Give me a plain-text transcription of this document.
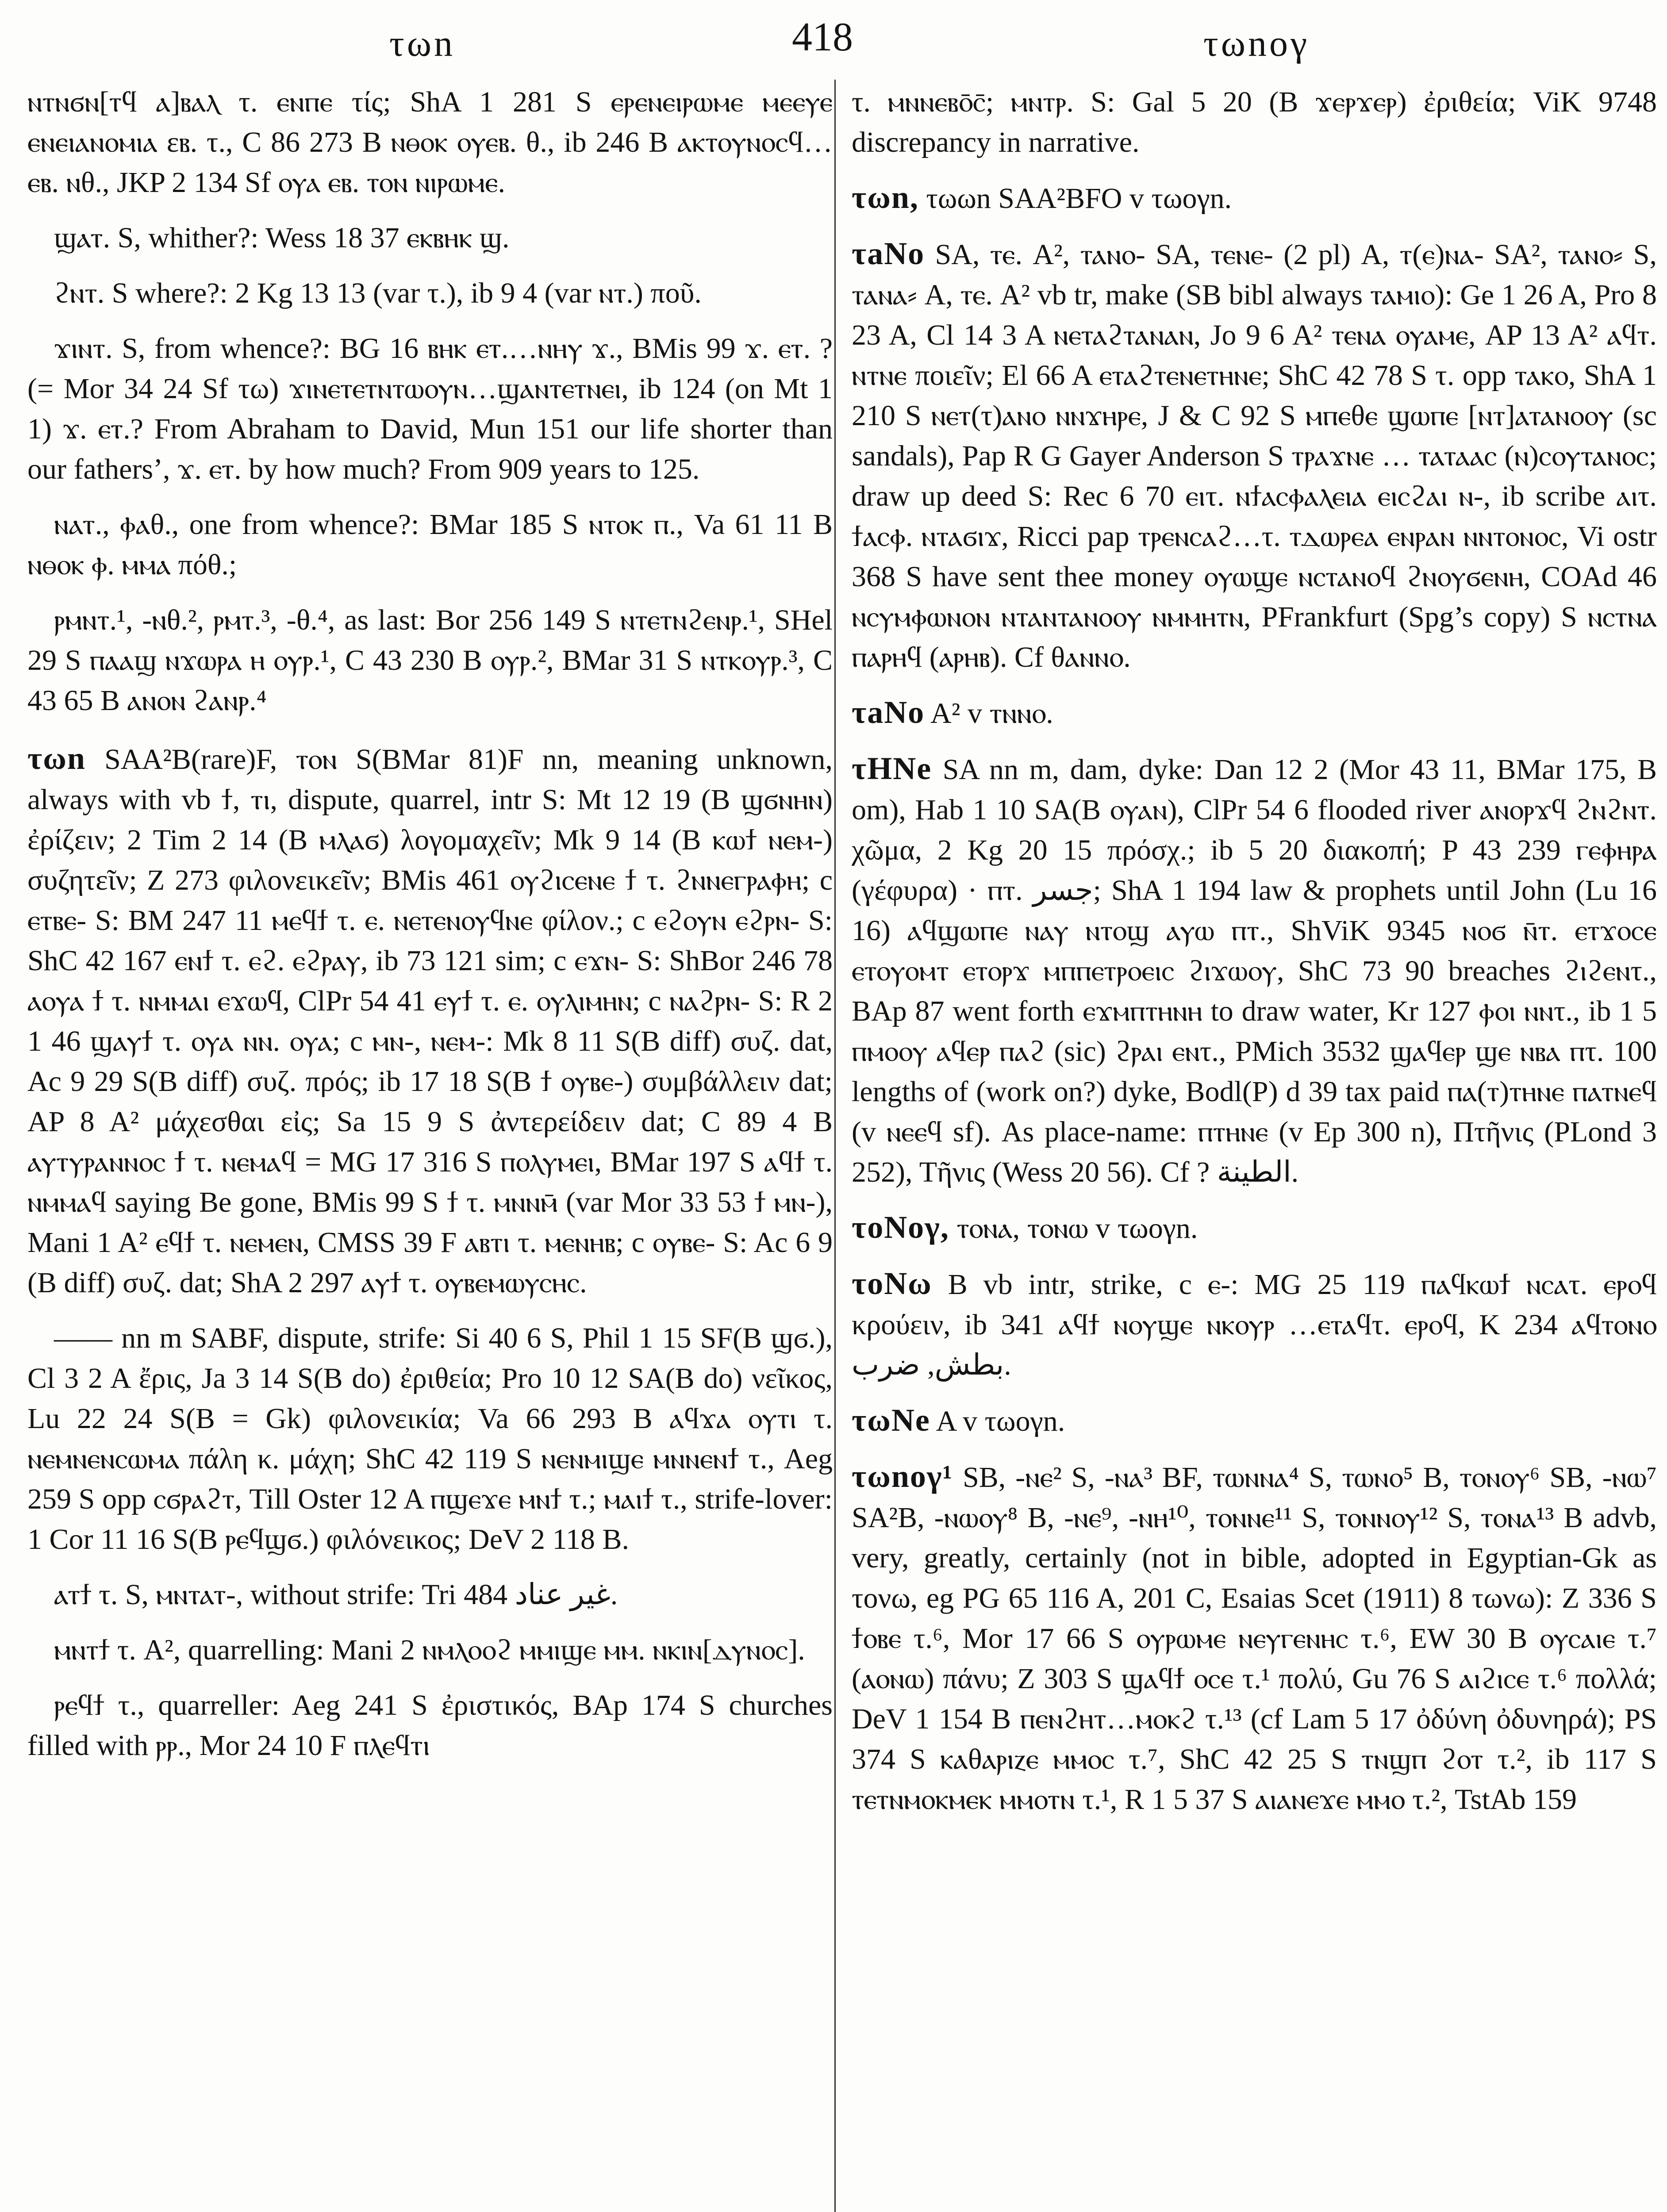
τωn	418	τωnογ

ⲛⲧⲛϭⲛ[ⲧϥ ⲁ]ⲃⲁⲗ τ. ⲉⲛⲡⲉ τίς; ShA 1 281 S ⲉⲣⲉⲛⲉⲓⲣⲱⲙⲉ ⲙⲉⲉⲩⲉ ⲉⲛⲉⲓⲁⲛⲟⲙⲓⲁ εⲃ. τ., C 86 273 B ⲛⲑⲟⲕ ⲟⲩⲉⲃ. θ., ib 246 B ⲁⲕⲧⲟⲩⲛⲟⲥϥ…ⲉⲃ. ⲛθ., JKP 2 134 Sf ⲟⲩⲁ ⲉⲃ. ⲧⲟⲛ ⲛⲓⲣⲱⲙⲉ.

ϣⲁⲧ. S, whither?: Wess 18 37 ⲉⲕⲃⲏⲕ ϣ.

ϩⲛⲧ. S where?: 2 Kg 13 13 (var τ.), ib 9 4 (var ⲛⲧ.) ποῦ.

ϫⲓⲛⲧ. S, from whence?: BG 16 ⲃⲏⲕ ⲉⲧ.…ⲛⲏⲩ ϫ., BMis 99 ϫ. ⲉⲧ. ?(= Mor 34 24 Sf τω) ϫⲓⲛⲉⲧⲉⲧⲛⲧⲱⲟⲩⲛ…ϣⲁⲛⲧⲉⲧⲛⲉⲓ, ib 124 (on Mt 1 1) ϫ. ⲉⲧ.? From Abraham to David, Mun 151 our life shorter than our fathers’, ϫ. ⲉⲧ. by how much? From 909 years to 125.

ⲛⲁⲧ., ⲫⲁθ., one from whence?: BMar 185 S ⲛⲧⲟⲕ ⲡ., Va 61 11 B ⲛⲑⲟⲕ ⲫ. ⲙⲙⲁ πόθ.;

ⲣⲙⲛⲧ.¹, -ⲛθ.², ⲣⲙⲧ.³, -θ.⁴, as last: Bor 256 149 S ⲛⲧⲉⲧⲛϩⲉⲛⲣ.¹, SHel 29 S ⲡⲁⲁϣ ⲛϫⲱⲣⲁ ⲏ ⲟⲩⲣ.¹, C 43 230 B ⲟⲩⲣ.², BMar 31 S ⲛⲧⲕⲟⲩⲣ.³, C 43 65 B ⲁⲛⲟⲛ ϩⲁⲛⲣ.⁴

τωn SAA²B(rare)F, ⲧⲟⲛ S(BMar 81)F nn, meaning unknown, always with vb ϯ, ⲧⲓ, dispute, quarrel, intr S: Mt 12 19 (B ϣϭⲛⲏⲛ) ἐρίζειν; 2 Tim 2 14 (B ⲙⲗⲁϭ) λογομαχεῖν; Mk 9 14 (B ⲕⲱϯ ⲛⲉⲙ-) συζητεῖν; Z 273 φιλονεικεῖν; BMis 461 ⲟⲩϩⲓⲥⲉⲛⲉ ϯ τ. ϩⲛⲛⲉⲅⲣⲁⲫⲏ; c ⲉⲧⲃⲉ- S: BM 247 11 ⲙⲉϥϯ τ. ⲉ. ⲛⲉⲧⲉⲛⲟⲩϥⲛⲉ φίλον.; c ⲉϩⲟⲩⲛ ⲉϩⲣⲛ- S: ShC 42 167 ⲉⲛϯ τ. ⲉϩ. ⲉϩⲣⲁⲩ, ib 73 121 sim; c ⲉϫⲛ- S: ShBor 246 78 ⲁⲟⲩⲁ ϯ τ. ⲛⲙⲙⲁⲓ ⲉϫⲱϥ, ClPr 54 41 ⲉⲩϯ τ. ⲉ. ⲟⲩⲗⲓⲙⲏⲛ; c ⲛⲁϩⲣⲛ- S: R 2 1 46 ϣⲁⲩϯ τ. ⲟⲩⲁ ⲛⲛ. ⲟⲩⲁ; c ⲙⲛ-, ⲛⲉⲙ-: Mk 8 11 S(B diff) συζ. dat, Ac 9 29 S(B diff) συζ. πρός; ib 17 18 S(B ϯ ⲟⲩⲃⲉ-) συμβάλλειν dat; AP 8 A² μάχεσθαι εἰς; Sa 15 9 S ἀντερείδειν dat; C 89 4 B ⲁⲩⲧⲩⲣⲁⲛⲛⲟⲥ ϯ τ. ⲛⲉⲙⲁϥ = MG 17 316 S ⲡⲟⲗⲩⲙⲉⲓ, BMar 197 S ⲁϥϯ τ. ⲛⲙⲙⲁϥ saying Be gone, BMis 99 S ϯ τ. ⲙⲛⲛⲙ̄ (var Mor 33 53 ϯ ⲙⲛ-), Mani 1 A² ⲉϥϯ τ. ⲛⲉⲙⲉⲛ, CMSS 39 F ⲁⲃⲧⲓ τ. ⲙⲉⲛⲏⲃ; c ⲟⲩⲃⲉ- S: Ac 6 9 (B diff) συζ. dat; ShA 2 297 ⲁⲩϯ τ. ⲟⲩⲃⲉⲙⲱⲩⲥⲏⲥ.

—— nn m SABF, dispute, strife: Si 40 6 S, Phil 1 15 SF(B ϣϭ.), Cl 3 2 A ἔρις, Ja 3 14 S(B do) ἐριθεία; Pro 10 12 SA(B do) νεῖκος, Lu 22 24 S(B = Gk) φιλονεικία; Va 66 293 B ⲁϥϫⲁ ⲟⲩⲧⲓ τ. ⲛⲉⲙⲛⲉⲛⲥⲱⲙⲁ πάλη κ. μάχη; ShC 42 119 S ⲛⲉⲛⲙⲓϣⲉ ⲙⲛⲛⲉⲛϯ τ., Aeg 259 S opp ⲥϭⲣⲁϩⲧ, Till Oster 12 A ⲡϣⲉϫⲉ ⲙⲛϯ τ.; ⲙⲁⲓϯ τ., strife-lover: 1 Cor 11 16 S(B ⲣⲉϥϣϭ.) φιλόνεικος; DeV 2 118 B.

ⲁⲧϯ τ. S, ⲙⲛⲧⲁⲧ-, without strife: Tri 484 غير عناد.

ⲙⲛⲧϯ τ. A², quarrelling: Mani 2 ⲛⲙⲗⲟⲟϩ ⲙⲙⲓϣⲉ ⲙⲙ. ⲛⲕⲓⲛ[ⲇⲩⲛⲟⲥ].

ⲣⲉϥϯ τ., quarreller: Aeg 241 S ἐριστικός, BAp 174 S churches filled with ⲣⲣ., Mor 24 10 F ⲡⲗⲉϥⲧⲓ

τ. ⲙⲛⲛⲉⲃⲟ̄ⲥ̄; ⲙⲛⲧⲣ. S: Gal 5 20 (B ϫⲉⲣϫⲉⲣ) ἐριθεία; ViK 9748 discrepancy in narrative.

τωn, τωωn SAA²BFO v τωογn.

τaNo SA, ⲧⲉ. A², ⲧⲁⲛⲟ- SA, ⲧⲉⲛⲉ- (2 pl) A, ⲧ(ⲉ)ⲛⲁ- SA², ⲧⲁⲛⲟ⸗ S, ⲧⲁⲛⲁ⸗ A, ⲧⲉ. A² vb tr, make (SB bibl always ⲧⲁⲙⲓⲟ): Ge 1 26 A, Pro 8 23 A, Cl 14 3 A ⲛⲉⲧⲁϩⲧⲁⲛⲁⲛ, Jo 9 6 A² ⲧⲉⲛⲁ ⲟⲩⲁⲙⲉ, AP 13 A² ⲁϥⲧ. ⲛⲧⲛⲉ ποιεῖν; El 66 A ⲉⲧⲁϩⲧⲉⲛⲉⲧⲏⲛⲉ; ShC 42 78 S τ. opp ⲧⲁⲕⲟ, ShA 1 210 S ⲛⲉⲧ(τ)ⲁⲛⲟ ⲛⲛϫⲏⲣⲉ, J & C 92 S ⲙⲡⲉθⲉ ϣⲱⲡⲉ [ⲛⲧ]ⲁⲧⲁⲛⲟⲟⲩ (sc sandals), Pap R G Gayer Anderson S ⲧⲣⲁϫⲛⲉ … ⲧⲁⲧⲁⲁⲥ (ⲛ)ⲥⲟⲩⲧⲁⲛⲟⲥ; draw up deed S: Rec 6 70 ⲉⲓτ. ⲛϯⲁⲥⲫⲁⲗⲉⲓⲁ ⲉⲓⲥϩⲁⲓ ⲛ-, ib scribe ⲁⲓτ. ϯⲁⲥⲫ. ⲛⲧⲁϭⲓϫ, Ricci pap ⲧⲣⲉⲛⲥⲁϩ…τ. ⲧⲇⲱⲣⲉⲁ ⲉⲛⲣⲁⲛ ⲛⲛⲧⲟⲛⲟⲥ, Vi ostr 368 S have sent thee money ⲟⲩⲱϣⲉ ⲛⲥⲧⲁⲛⲟϥ ϩⲛⲟⲩϭⲉⲛⲏ, COAd 46 ⲛⲥⲩⲙⲫⲱⲛⲟⲛ ⲛⲧⲁⲛⲧⲁⲛⲟⲟⲩ ⲛⲙⲙⲏⲧⲛ, PFrankfurt (Spg’s copy) S ⲛⲥⲧⲛⲁ ⲡⲁⲣⲏϥ (ⲁⲣⲏⲃ). Cf θⲁⲛⲛⲟ.

τaNo A² v ⲧⲛⲛⲟ.

τHNe SA nn m, dam, dyke: Dan 12 2 (Mor 43 11, BMar 175, B om), Hab 1 10 SA(B ⲟⲩⲁⲛ), ClPr 54 6 flooded river ⲁⲛⲟⲣϫϥ ϩⲛϩⲛⲧ. χῶμα, 2 Kg 20 15 πρόσχ.; ib 5 20 διακοπή; P 43 239 ⲅⲉⲫⲏⲣⲁ (γέφυρα) · ⲡⲧ. جسر; ShA 1 194 law & prophets until John (Lu 16 16) ⲁϥϣⲱⲡⲉ ⲛⲁⲩ ⲛⲧⲟϣ ⲁⲩⲱ ⲡⲧ., ShViK 9345 ⲛⲟϭ ⲛ̄ⲧ. ⲉⲧϫⲟⲥⲉ ⲉⲧⲟⲩⲟⲙⲧ ⲉⲧⲟⲣϫ ⲙⲡⲡⲉⲧⲣⲟⲉⲓⲥ ϩⲓϫⲱⲟⲩ, ShC 73 90 breaches ϩⲓϩⲉⲛτ., BAp 87 went forth ⲉϫⲙⲡⲧⲏⲛⲏ to draw water, Kr 127 ⲫⲟⲓ ⲛⲛτ., ib 1 5 ⲡⲙⲟⲟⲩ ⲁϥⲉⲣ ⲡⲁϩ (sic) ϩⲣⲁⲓ ⲉⲛτ., PMich 3532 ϣⲁϥⲉⲣ ϣⲉ ⲛⲃⲁ ⲡτ. 100 lengths of (work on?) dyke, Bodl(P) d 39 tax paid ⲡⲁ(ⲧ)ⲧⲏⲛⲉ ⲡⲁⲧⲛⲉϥ (v ⲛⲉⲉϥ sf). As place-name: ⲡⲧⲏⲛⲉ (v Ep 300 n), Πτῆνις (PLond 3 252), Τῆνις (Wess 20 56). Cf ? الطينة.

τoNoγ, ⲧⲟⲛⲁ, ⲧⲟⲛⲱ v τωογn.

τoNω B vb intr, strike, c ⲉ-: MG 25 119 ⲡⲁϥⲕⲱϯ ⲛⲥⲁτ. ⲉⲣⲟϥ κρούειν, ib 341 ⲁϥϯ ⲛⲟⲩϣⲉ ⲛⲕⲟⲩⲣ …ⲉⲧⲁϥτ. ⲉⲣⲟϥ, K 234 ⲁϥⲧⲟⲛⲟ بطش, ضرب.

τωNe A v τωογn.

τωnoγ¹ SB, -ⲛⲉ² S, -ⲛⲁ³ BF, ⲧⲱⲛⲛⲁ⁴ S, ⲧⲱⲛⲟ⁵ B, ⲧⲟⲛⲟⲩ⁶ SB, -ⲛⲱ⁷ SA²B, -ⲛⲱⲟⲩ⁸ B, -ⲛⲉ⁹, -ⲛⲏ¹⁰, ⲧⲟⲛⲛⲉ¹¹ S, ⲧⲟⲛⲛⲟⲩ¹² S, ⲧⲟⲛⲁ¹³ B advb, very, greatly, certainly (not in bible, adopted in Egyptian-Gk as τονω, eg PG 65 116 A, 201 C, Esaias Scet (1911) 8 τωνω): Z 336 S ϯⲟⲃⲉ τ.⁶, Mor 17 66 S ⲟⲩⲣⲱⲙⲉ ⲛⲉⲩⲅⲉⲛⲏⲥ τ.⁶, EW 30 B ⲟⲩⲥⲁⲓⲉ τ.⁷ (ⲁⲟⲛⲱ) πάνυ; Z 303 S ϣⲁϥϯ ⲟⲥⲉ τ.¹ πολύ, Gu 76 S ⲁⲓϩⲓⲥⲉ τ.⁶ πολλά; DeV 1 154 B ⲡⲉⲛϩⲏⲧ…ⲙⲟⲕϩ τ.¹³ (cf Lam 5 17 ὀδύνη ὀδυνηρά); PS 374 S ⲕⲁθⲁⲣⲓⲍⲉ ⲙⲙⲟⲥ τ.⁷, ShC 42 25 S ⲧⲛϣⲡ ϩⲟⲧ τ.², ib 117 S ⲧⲉⲧⲛⲙⲟⲕⲙⲉⲕ ⲙⲙⲟⲧⲛ τ.¹, R 1 5 37 S ⲁⲓⲁⲛⲉϫⲉ ⲙⲙⲟ τ.², TstAb 159
